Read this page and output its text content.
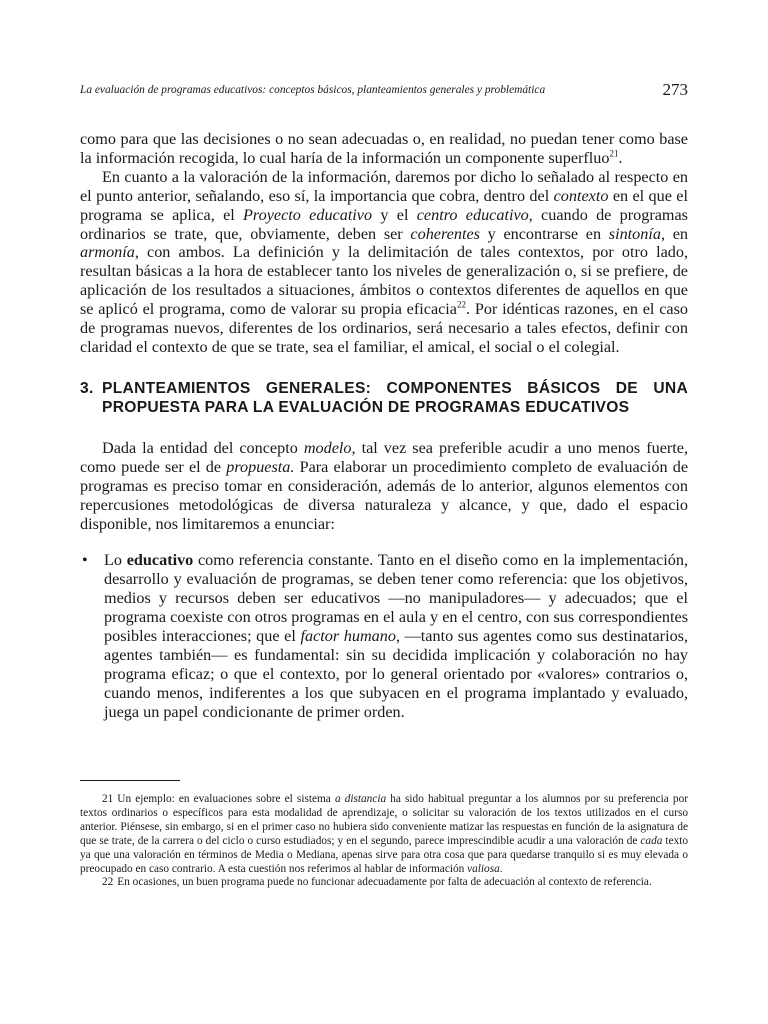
La evaluación de programas educativos: conceptos básicos, planteamientos generales y problemática	273

como para que las decisiones o no sean adecuadas o, en realidad, no puedan tener como base la información recogida, lo cual haría de la información un componente superfluo$^{21}$.

En cuanto a la valoración de la información, daremos por dicho lo señalado al respecto en el punto anterior, señalando, eso sí, la importancia que cobra, dentro del contexto en el que el programa se aplica, el Proyecto educativo y el centro educativo, cuando de programas ordinarios se trate, que, obviamente, deben ser coherentes y encontrarse en sintonía, en armonía, con ambos. La definición y la delimitación de tales contextos, por otro lado, resultan básicas a la hora de establecer tanto los niveles de generalización o, si se prefiere, de aplicación de los resultados a situaciones, ámbitos o contextos diferentes de aquellos en que se aplicó el programa, como de valorar su propia eficacia$^{22}$. Por idénticas razones, en el caso de programas nuevos, diferentes de los ordinarios, será necesario a tales efectos, definir con claridad el contexto de que se trate, sea el familiar, el amical, el social o el colegial.

3. PLANTEAMIENTOS GENERALES: COMPONENTES BÁSICOS DE UNA PROPUESTA PARA LA EVALUACIÓN DE PROGRAMAS EDUCATIVOS

Dada la entidad del concepto modelo, tal vez sea preferible acudir a uno menos fuerte, como puede ser el de propuesta. Para elaborar un procedimiento completo de evaluación de programas es preciso tomar en consideración, además de lo anterior, algunos elementos con repercusiones metodológicas de diversa naturaleza y alcance, y que, dado el espacio disponible, nos limitaremos a enunciar:

•	Lo educativo como referencia constante. Tanto en el diseño como en la implementación, desarrollo y evaluación de programas, se deben tener como referencia: que los objetivos, medios y recursos deben ser educativos —no manipuladores— y adecuados; que el programa coexiste con otros programas en el aula y en el centro, con sus correspondientes posibles interacciones; que el factor humano, —tanto sus agentes como sus destinatarios, agentes también— es fundamental: sin su decidida implicación y colaboración no hay programa eficaz; o que el contexto, por lo general orientado por «valores» contrarios o, cuando menos, indiferentes a los que subyacen en el programa implantado y evaluado, juega un papel condicionante de primer orden.

21 Un ejemplo: en evaluaciones sobre el sistema a distancia ha sido habitual preguntar a los alumnos por su preferencia por textos ordinarios o específicos para esta modalidad de aprendizaje, o solicitar su valoración de los textos utilizados en el curso anterior. Piénsese, sin embargo, si en el primer caso no hubiera sido conveniente matizar las respuestas en función de la asignatura de que se trate, de la carrera o del ciclo o curso estudiados; y en el segundo, parece imprescindible acudir a una valoración de cada texto ya que una valoración en términos de Media o Mediana, apenas sirve para otra cosa que para quedarse tranquilo si es muy elevada o preocupado en caso contrario. A esta cuestión nos referimos al hablar de información valiosa.

22 En ocasiones, un buen programa puede no funcionar adecuadamente por falta de adecuación al contexto de referencia.
